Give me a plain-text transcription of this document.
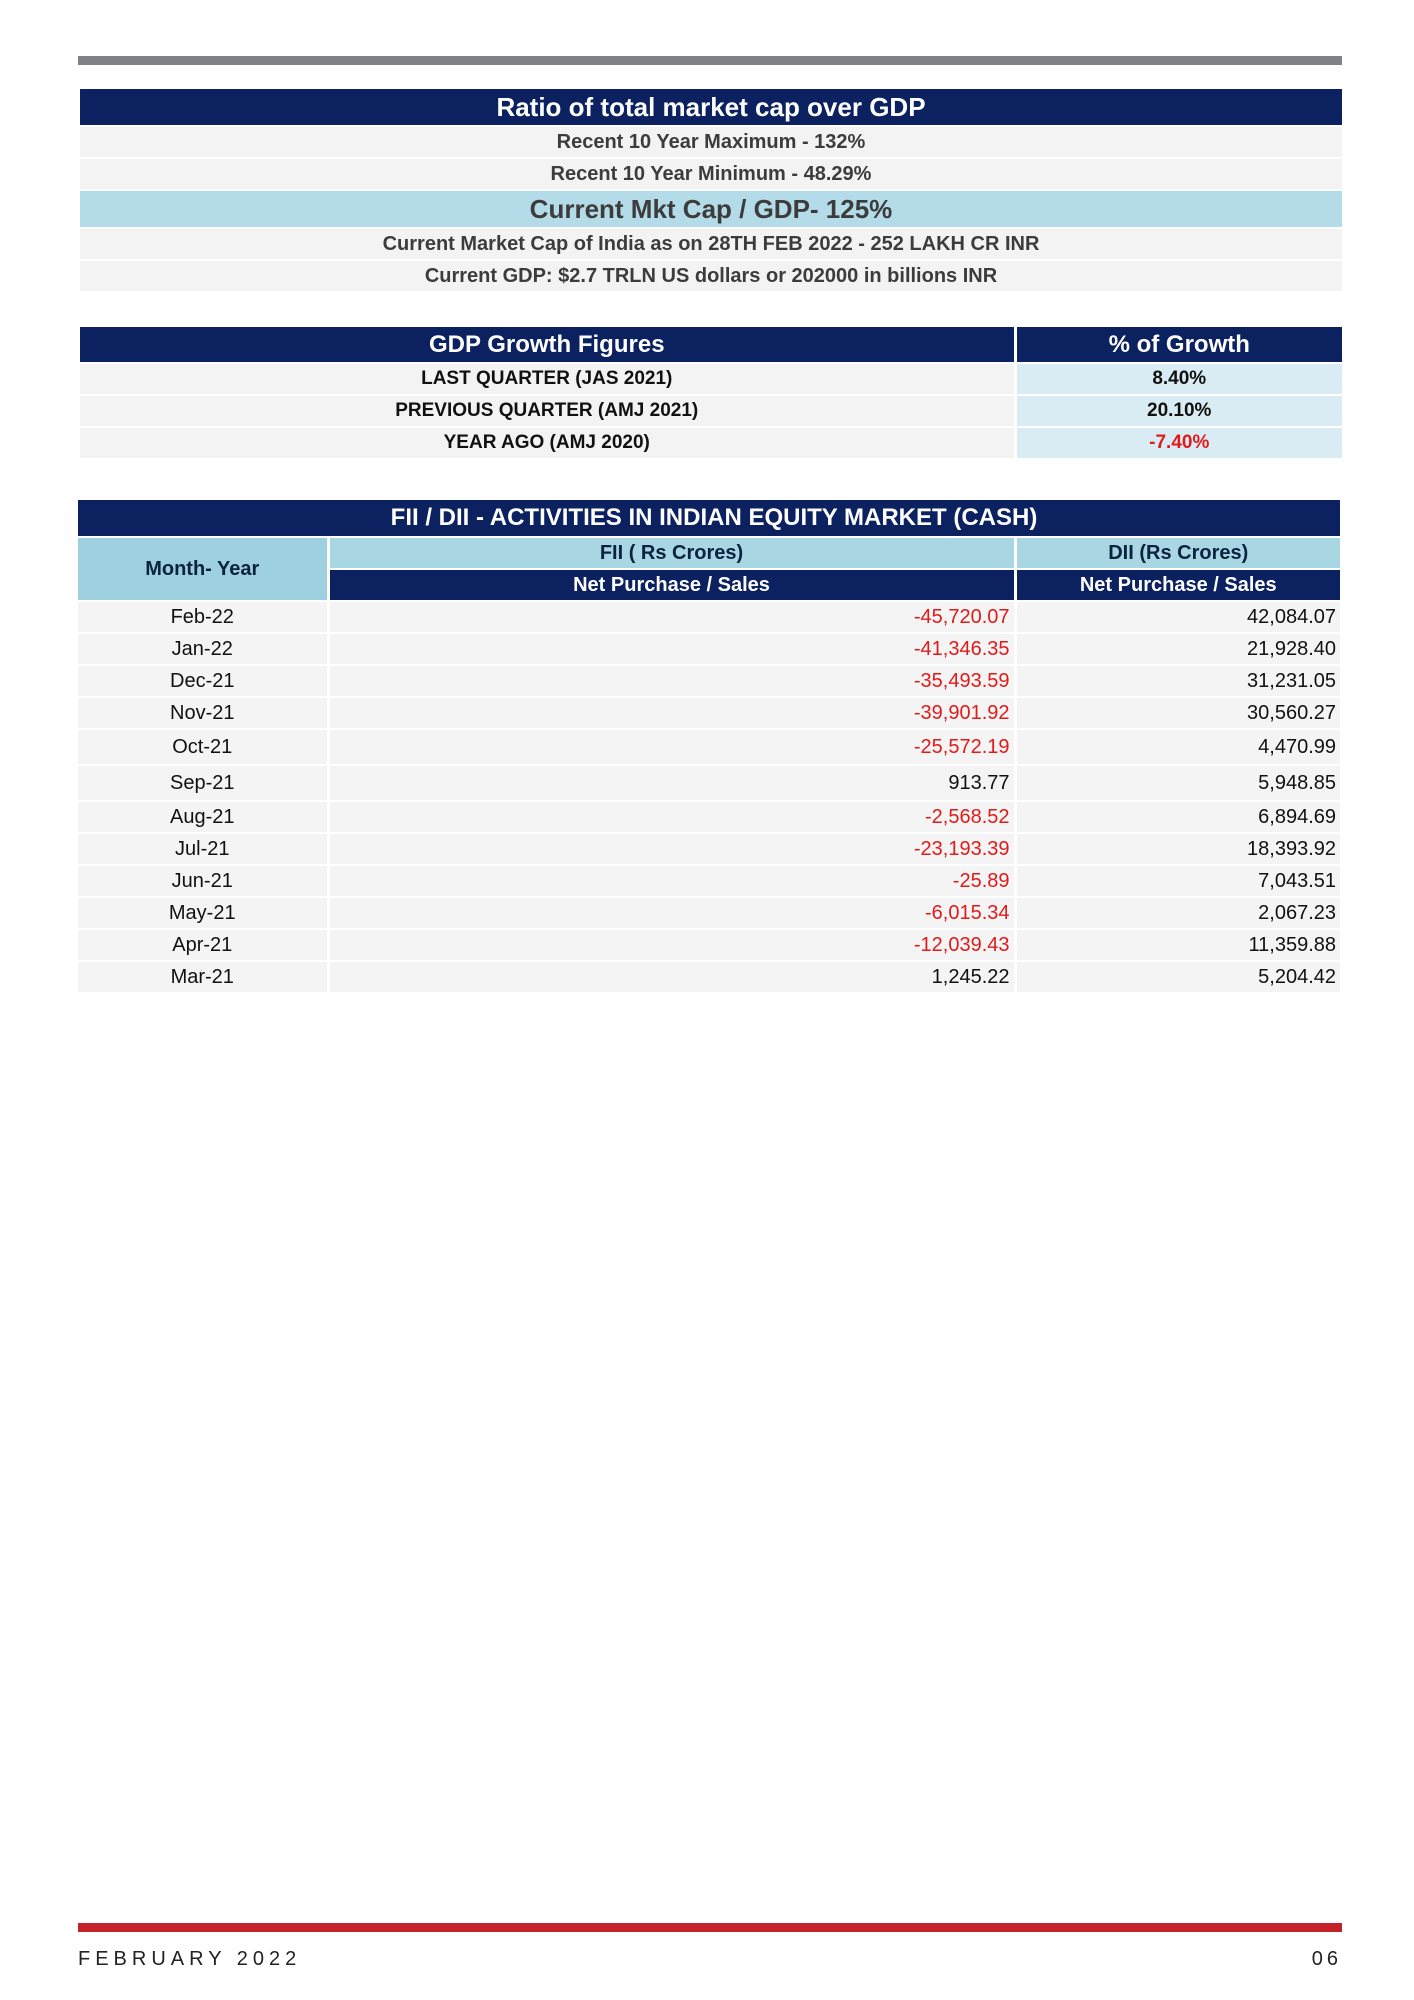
Ratio of total market cap over GDP
Recent 10 Year Maximum - 132%
Recent 10 Year Minimum - 48.29%
Current Mkt Cap / GDP- 125%
Current Market Cap of India as on 28TH FEB 2022 - 252 LAKH CR INR
Current GDP: $2.7 TRLN US dollars or 202000 in billions INR
GDP Growth Figures	% of Growth
LAST QUARTER (JAS 2021)	8.40%
PREVIOUS QUARTER (AMJ 2021)	20.10%
YEAR AGO (AMJ 2020)	-7.40%
FII / DII - ACTIVITIES IN INDIAN EQUITY MARKET (CASH)		
Month- Year	FII ( Rs Crores)	DII (Rs Crores)
	Net Purchase / Sales	Net Purchase / Sales
Feb-22	-45,720.07	42,084.07
Jan-22	-41,346.35	21,928.40
Dec-21	-35,493.59	31,231.05
Nov-21	-39,901.92	30,560.27
Oct-21	-25,572.19	4,470.99
Sep-21	913.77	5,948.85
Aug-21	-2,568.52	6,894.69
Jul-21	-23,193.39	18,393.92
Jun-21	-25.89	7,043.51
May-21	-6,015.34	2,067.23
Apr-21	-12,039.43	11,359.88
Mar-21	1,245.22	5,204.42
FEBRUARY 2022	06
